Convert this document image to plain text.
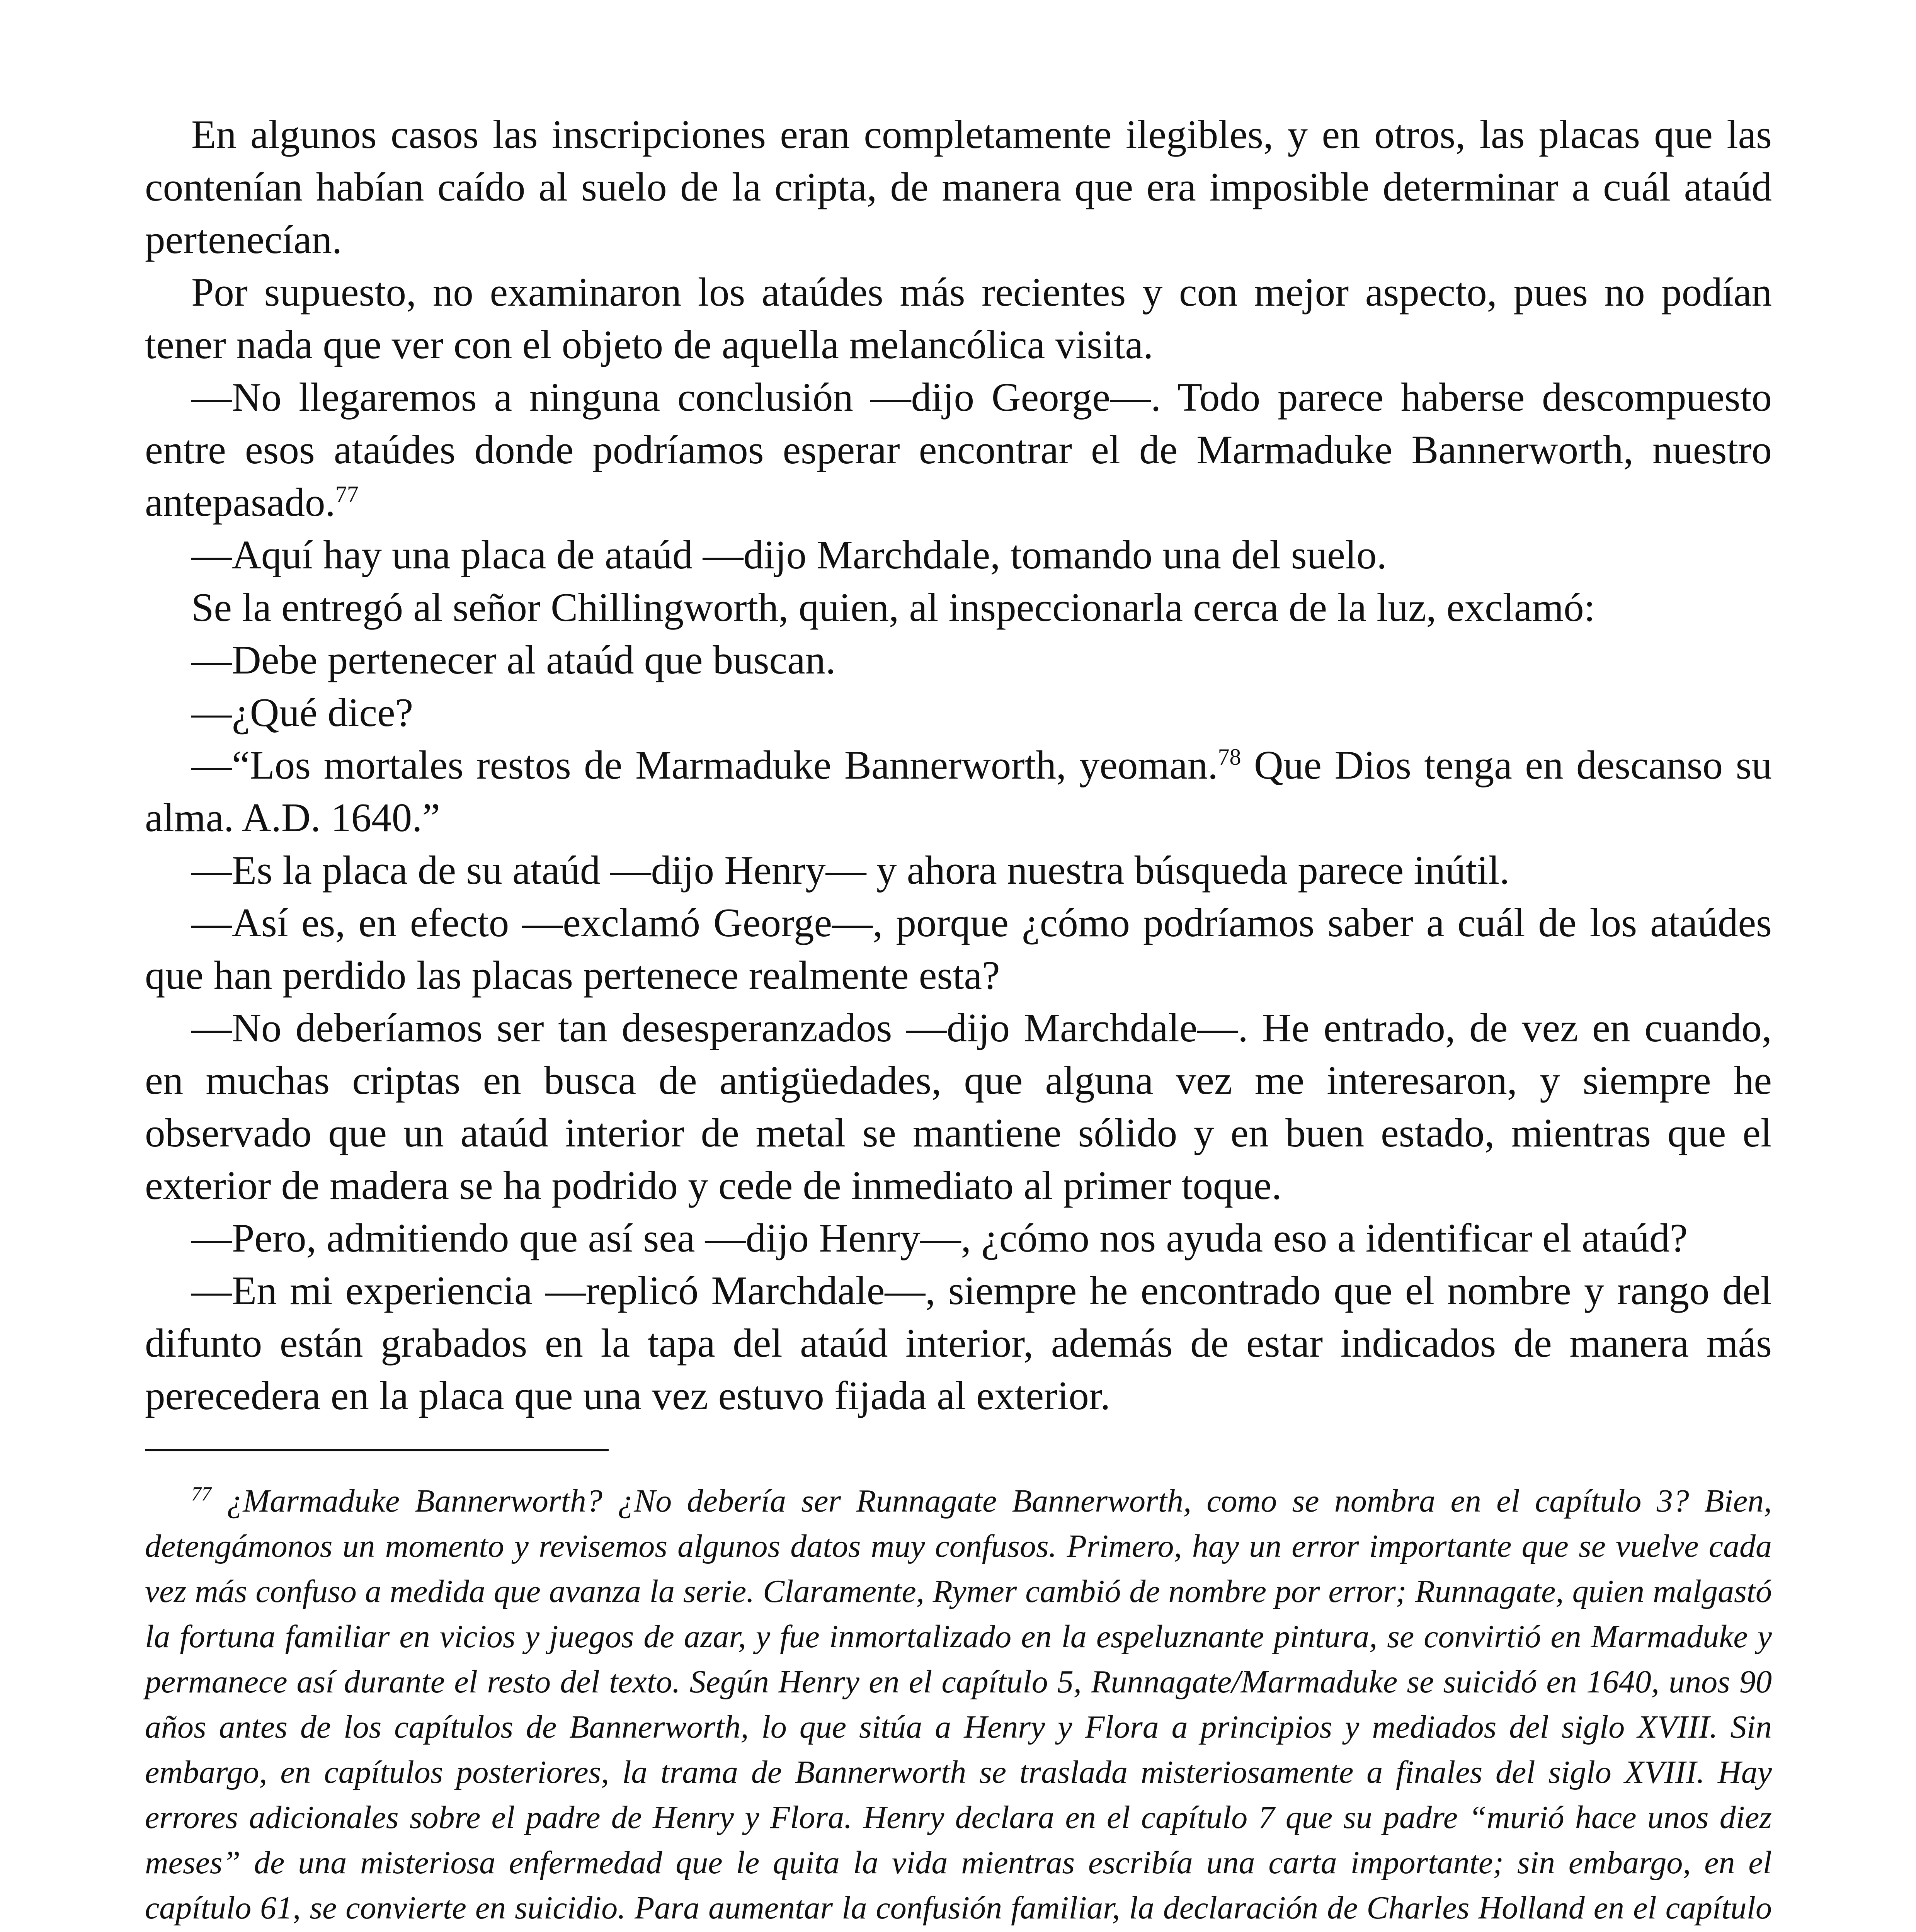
En algunos casos las inscripciones eran completamente ilegibles, y en otros, las placas que las contenían habían caído al suelo de la cripta, de manera que era imposible determinar a cuál ataúd pertenecían.

Por supuesto, no examinaron los ataúdes más recientes y con mejor aspecto, pues no podían tener nada que ver con el objeto de aquella melancólica visita.

—No llegaremos a ninguna conclusión —dijo George—. Todo parece haberse descompuesto entre esos ataúdes donde podríamos esperar encontrar el de Marmaduke Bannerworth, nuestro antepasado.$^{77}$

—Aquí hay una placa de ataúd —dijo Marchdale, tomando una del suelo.

Se la entregó al señor Chillingworth, quien, al inspeccionarla cerca de la luz, exclamó:

—Debe pertenecer al ataúd que buscan.

—¿Qué dice?

—“Los mortales restos de Marmaduke Bannerworth, yeoman.$^{78}$ Que Dios tenga en descanso su alma. A.D. 1640.”

—Es la placa de su ataúd —dijo Henry— y ahora nuestra búsqueda parece inútil.

—Así es, en efecto —exclamó George—, porque ¿cómo podríamos saber a cuál de los ataúdes que han perdido las placas pertenece realmente esta?

—No deberíamos ser tan desesperanzados —dijo Marchdale—. He entrado, de vez en cuando, en muchas criptas en busca de antigüedades, que alguna vez me interesaron, y siempre he observado que un ataúd interior de metal se mantiene sólido y en buen estado, mientras que el exterior de madera se ha podrido y cede de inmediato al primer toque.

—Pero, admitiendo que así sea —dijo Henry—, ¿cómo nos ayuda eso a identificar el ataúd?

—En mi experiencia —replicó Marchdale—, siempre he encontrado que el nombre y rango del difunto están grabados en la tapa del ataúd interior, además de estar indicados de manera más perecedera en la placa que una vez estuvo fijada al exterior.

$^{77}$ ¿Marmaduke Bannerworth? ¿No debería ser Runnagate Bannerworth, como se nombra en el capítulo 3? Bien, detengámonos un momento y revisemos algunos datos muy confusos. Primero, hay un error importante que se vuelve cada vez más confuso a medida que avanza la serie. Claramente, Rymer cambió de nombre por error; Runnagate, quien malgastó la fortuna familiar en vicios y juegos de azar, y fue inmortalizado en la espeluznante pintura, se convirtió en Marmaduke y permanece así durante el resto del texto. Según Henry en el capítulo 5, Runnagate/Marmaduke se suicidó en 1640, unos 90 años antes de los capítulos de Bannerworth, lo que sitúa a Henry y Flora a principios y mediados del siglo XVIII. Sin embargo, en capítulos posteriores, la trama de Bannerworth se traslada misteriosamente a finales del siglo XVIII. Hay errores adicionales sobre el padre de Henry y Flora. Henry declara en el capítulo 7 que su padre “murió hace unos diez meses” de una misteriosa enfermedad que le quita la vida mientras escribía una carta importante; sin embargo, en el capítulo 61, se convierte en suicidio. Para aumentar la confusión familiar, la declaración de Charles Holland en el capítulo
